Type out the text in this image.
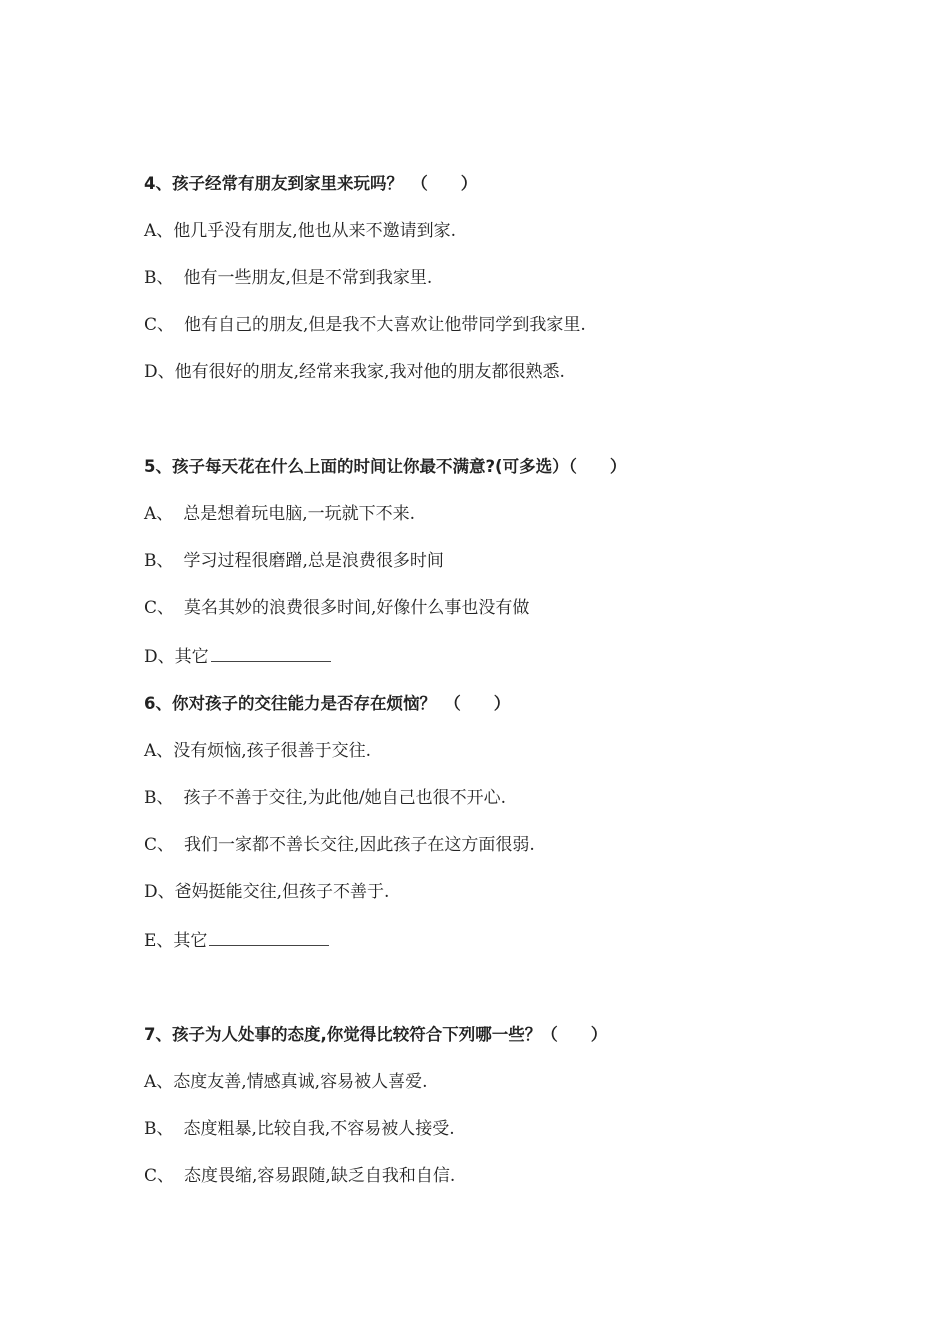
4、孩子经常有朋友到家里来玩吗？　（　　）
A、他几乎没有朋友,他也从来不邀请到家.
B、 他有一些朋友,但是不常到我家里.
C、 他有自己的朋友,但是我不大喜欢让他带同学到我家里.
D、他有很好的朋友,经常来我家,我对他的朋友都很熟悉.
5、孩子每天花在什么上面的时间让你最不满意?(可多选）（　　）
A、 总是想着玩电脑,一玩就下不来.
B、 学习过程很磨蹭,总是浪费很多时间
C、 莫名其妙的浪费很多时间,好像什么事也没有做
D、其它
6、你对孩子的交往能力是否存在烦恼？　（　　）
A、没有烦恼,孩子很善于交往.
B、 孩子不善于交往,为此他/她自己也很不开心.
C、 我们一家都不善长交往,因此孩子在这方面很弱.
D、爸妈挺能交往,但孩子不善于.
E、其它
7、孩子为人处事的态度,你觉得比较符合下列哪一些？（　　）
A、态度友善,情感真诚,容易被人喜爱.
B、 态度粗暴,比较自我,不容易被人接受.
C、 态度畏缩,容易跟随,缺乏自我和自信.
